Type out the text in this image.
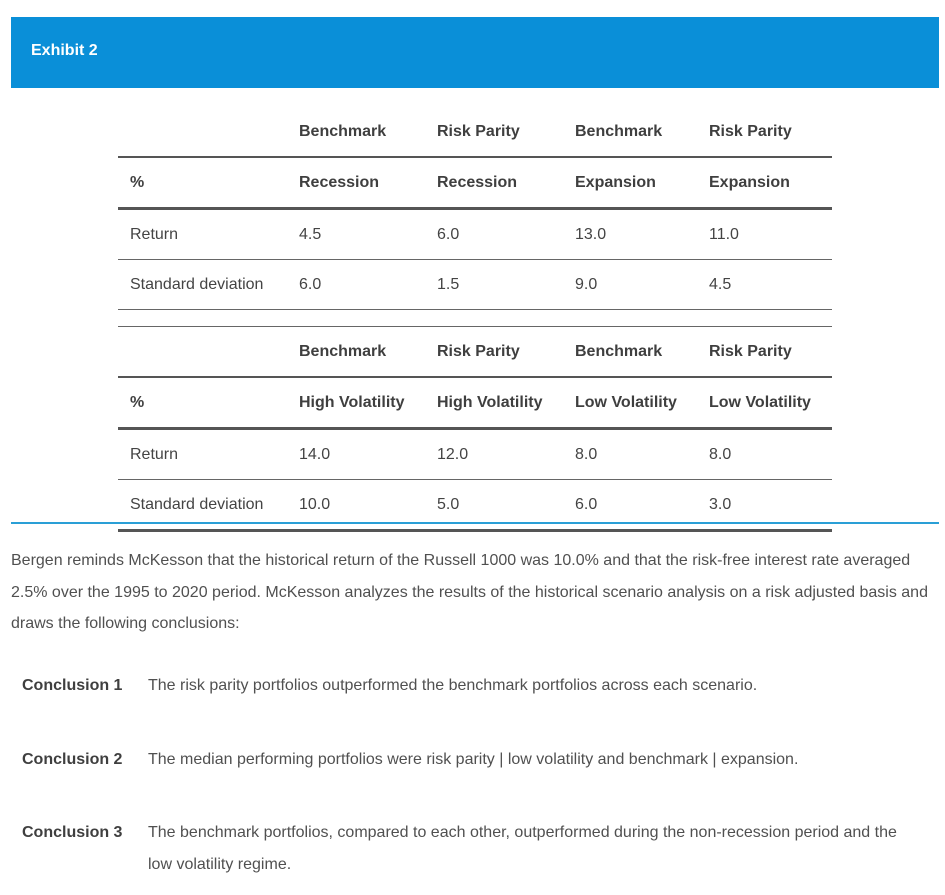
Exhibit 2
	Benchmark	Risk Parity	Benchmark	Risk Parity
%	Recession	Recession	Expansion	Expansion
Return	4.5	6.0	13.0	11.0
Standard deviation	6.0	1.5	9.0	4.5
	Benchmark	Risk Parity	Benchmark	Risk Parity
%	High Volatility	High Volatility	Low Volatility	Low Volatility
Return	14.0	12.0	8.0	8.0
Standard deviation	10.0	5.0	6.0	3.0
Bergen reminds McKesson that the historical return of the Russell 1000 was 10.0% and that the risk-free interest rate averaged 2.5% over the 1995 to 2020 period. McKesson analyzes the results of the historical scenario analysis on a risk adjusted basis and draws the following conclusions:
Conclusion 1 The risk parity portfolios outperformed the benchmark portfolios across each scenario.
Conclusion 2 The median performing portfolios were risk parity | low volatility and benchmark | expansion.
Conclusion 3 The benchmark portfolios, compared to each other, outperformed during the non-recession period and the low volatility regime.
